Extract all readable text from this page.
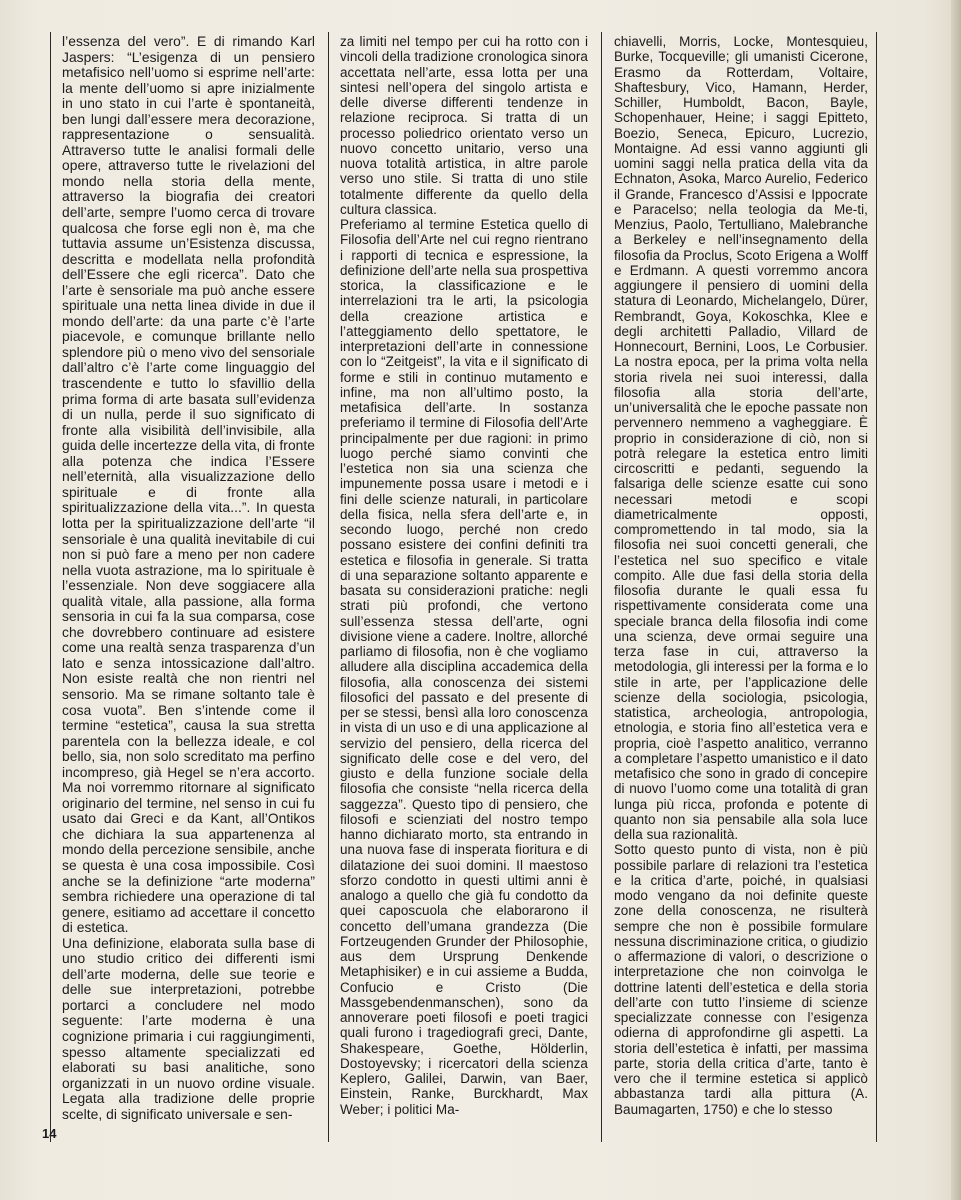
l’essenza del vero”. E di rimando Karl Jaspers: “L’esigenza di un pensiero metafisico nell’uomo si esprime nell’arte: la mente dell’uomo si apre inizialmente in uno stato in cui l’arte è spontaneità, ben lungi dall’essere mera decorazione, rappresentazione o sensualità. Attraverso tutte le analisi formali delle opere, attraverso tutte le rivelazioni del mondo nella storia della mente, attraverso la biografia dei creatori dell’arte, sempre l’uomo cerca di trovare qualcosa che forse egli non è, ma che tuttavia assume un’Esistenza discussa, descritta e modellata nella profondità dell’Essere che egli ricerca”. Dato che l’arte è sensoriale ma può anche essere spirituale una netta linea divide in due il mondo dell’arte: da una parte c’è l’arte piacevole, e comunque brillante nello splendore più o meno vivo del sensoriale dall’altro c’è l’arte come linguaggio del trascendente e tutto lo sfavillio della prima forma di arte basata sull’evidenza di un nulla, perde il suo significato di fronte alla visibilità dell’invisibile, alla guida delle incertezze della vita, di fronte alla potenza che indica l’Essere nell’eternità, alla visualizzazione dello spirituale e di fronte alla spiritualizzazione della vita...”. In questa lotta per la spiritualizzazione dell’arte “il sensoriale è una qualità inevitabile di cui non si può fare a meno per non cadere nella vuota astrazione, ma lo spirituale è l’essenziale. Non deve soggiacere alla qualità vitale, alla passione, alla forma sensoria in cui fa la sua comparsa, cose che dovrebbero continuare ad esistere come una realtà senza trasparenza d’un lato e senza intossicazione dall’altro. Non esiste realtà che non rientri nel sensorio. Ma se rimane soltanto tale è cosa vuota”. Ben s’intende come il termine “estetica”, causa la sua stretta parentela con la bellezza ideale, e col bello, sia, non solo screditato ma perfino incompreso, già Hegel se n’era accorto. Ma noi vorremmo ritornare al significato originario del termine, nel senso in cui fu usato dai Greci e da Kant, all’Ontikos che dichiara la sua appartenenza al mondo della percezione sensibile, anche se questa è una cosa impossibile. Così anche se la definizione “arte moderna” sembra richiedere una operazione di tal genere, esitiamo ad accettare il concetto di estetica.

Una definizione, elaborata sulla base di uno studio critico dei differenti ismi dell’arte moderna, delle sue teorie e delle sue interpretazioni, potrebbe portarci a concludere nel modo seguente: l’arte moderna è una cognizione primaria i cui raggiungimenti, spesso altamente specializzati ed elaborati su basi analitiche, sono organizzati in un nuovo ordine visuale. Legata alla tradizione delle proprie scelte, di significato universale e sen-

za limiti nel tempo per cui ha rotto con i vincoli della tradizione cronologica sinora accettata nell’arte, essa lotta per una sintesi nell’opera del singolo artista e delle diverse differenti tendenze in relazione reciproca. Si tratta di un processo poliedrico orientato verso un nuovo concetto unitario, verso una nuova totalità artistica, in altre parole verso uno stile. Si tratta di uno stile totalmente differente da quello della cultura classica.

Preferiamo al termine Estetica quello di Filosofia dell’Arte nel cui regno rientrano i rapporti di tecnica e espressione, la definizione dell’arte nella sua prospettiva storica, la classificazione e le interrelazioni tra le arti, la psicologia della creazione artistica e l’atteggiamento dello spettatore, le interpretazioni dell’arte in connessione con lo “Zeitgeist”, la vita e il significato di forme e stili in continuo mutamento e infine, ma non all’ultimo posto, la metafisica dell’arte. In sostanza preferiamo il termine di Filosofia dell’Arte principalmente per due ragioni: in primo luogo perché siamo convinti che l’estetica non sia una scienza che impunemente possa usare i metodi e i fini delle scienze naturali, in particolare della fisica, nella sfera dell’arte e, in secondo luogo, perché non credo possano esistere dei confini definiti tra estetica e filosofia in generale. Si tratta di una separazione soltanto apparente e basata su considerazioni pratiche: negli strati più profondi, che vertono sull’essenza stessa dell’arte, ogni divisione viene a cadere. Inoltre, allorché parliamo di filosofia, non è che vogliamo alludere alla disciplina accademica della filosofia, alla conoscenza dei sistemi filosofici del passato e del presente di per se stessi, bensì alla loro conoscenza in vista di un uso e di una applicazione al servizio del pensiero, della ricerca del significato delle cose e del vero, del giusto e della funzione sociale della filosofia che consiste “nella ricerca della saggezza”. Questo tipo di pensiero, che filosofi e scienziati del nostro tempo hanno dichiarato morto, sta entrando in una nuova fase di insperata fioritura e di dilatazione dei suoi domini. Il maestoso sforzo condotto in questi ultimi anni è analogo a quello che già fu condotto da quei caposcuola che elaborarono il concetto dell’umana grandezza (Die Fortzeugenden Grunder der Philosophie, aus dem Ursprung Denkende Metaphisiker) e in cui assieme a Budda, Confucio e Cristo (Die Massgebendenmanschen), sono da annoverare poeti filosofi e poeti tragici quali furono i tragediografi greci, Dante, Shakespeare, Goethe, Hölderlin, Dostoyevsky; i ricercatori della scienza Keplero, Galilei, Darwin, van Baer, Einstein, Ranke, Burckhardt, Max Weber; i politici Ma-

chiavelli, Morris, Locke, Montesquieu, Burke, Tocqueville; gli umanisti Cicerone, Erasmo da Rotterdam, Voltaire, Shaftesbury, Vico, Hamann, Herder, Schiller, Humboldt, Bacon, Bayle, Schopenhauer, Heine; i saggi Epitteto, Boezio, Seneca, Epicuro, Lucrezio, Montaigne. Ad essi vanno aggiunti gli uomini saggi nella pratica della vita da Echnaton, Asoka, Marco Aurelio, Federico il Grande, Francesco d’Assisi e Ippocrate e Paracelso; nella teologia da Me-ti, Menzius, Paolo, Tertulliano, Malebranche a Berkeley e nell’insegnamento della filosofia da Proclus, Scoto Erigena a Wolff e Erdmann. A questi vorremmo ancora aggiungere il pensiero di uomini della statura di Leonardo, Michelangelo, Dürer, Rembrandt, Goya, Kokoschka, Klee e degli architetti Palladio, Villard de Honnecourt, Bernini, Loos, Le Corbusier. La nostra epoca, per la prima volta nella storia rivela nei suoi interessi, dalla filosofia alla storia dell’arte, un’universalità che le epoche passate non pervennero nemmeno a vagheggiare. È proprio in considerazione di ciò, non si potrà relegare la estetica entro limiti circoscritti e pedanti, seguendo la falsariga delle scienze esatte cui sono necessari metodi e scopi diametricalmente opposti, compromettendo in tal modo, sia la filosofia nei suoi concetti generali, che l’estetica nel suo specifico e vitale compito. Alle due fasi della storia della filosofia durante le quali essa fu rispettivamente considerata come una speciale branca della filosofia indi come una scienza, deve ormai seguire una terza fase in cui, attraverso la metodologia, gli interessi per la forma e lo stile in arte, per l’applicazione delle scienze della sociologia, psicologia, statistica, archeologia, antropologia, etnologia, e storia fino all’estetica vera e propria, cioè l’aspetto analitico, verranno a completare l’aspetto umanistico e il dato metafisico che sono in grado di concepire di nuovo l’uomo come una totalità di gran lunga più ricca, profonda e potente di quanto non sia pensabile alla sola luce della sua razionalità.

Sotto questo punto di vista, non è più possibile parlare di relazioni tra l’estetica e la critica d’arte, poiché, in qualsiasi modo vengano da noi definite queste zone della conoscenza, ne risulterà sempre che non è possibile formulare nessuna discriminazione critica, o giudizio o affermazione di valori, o descrizione o interpretazione che non coinvolga le dottrine latenti dell’estetica e della storia dell’arte con tutto l’insieme di scienze specializzate connesse con l’esigenza odierna di approfondirne gli aspetti. La storia dell’estetica è infatti, per massima parte, storia della critica d’arte, tanto è vero che il termine estetica si applicò abbastanza tardi alla pittura (A. Baumagarten, 1750) e che lo stesso

14
